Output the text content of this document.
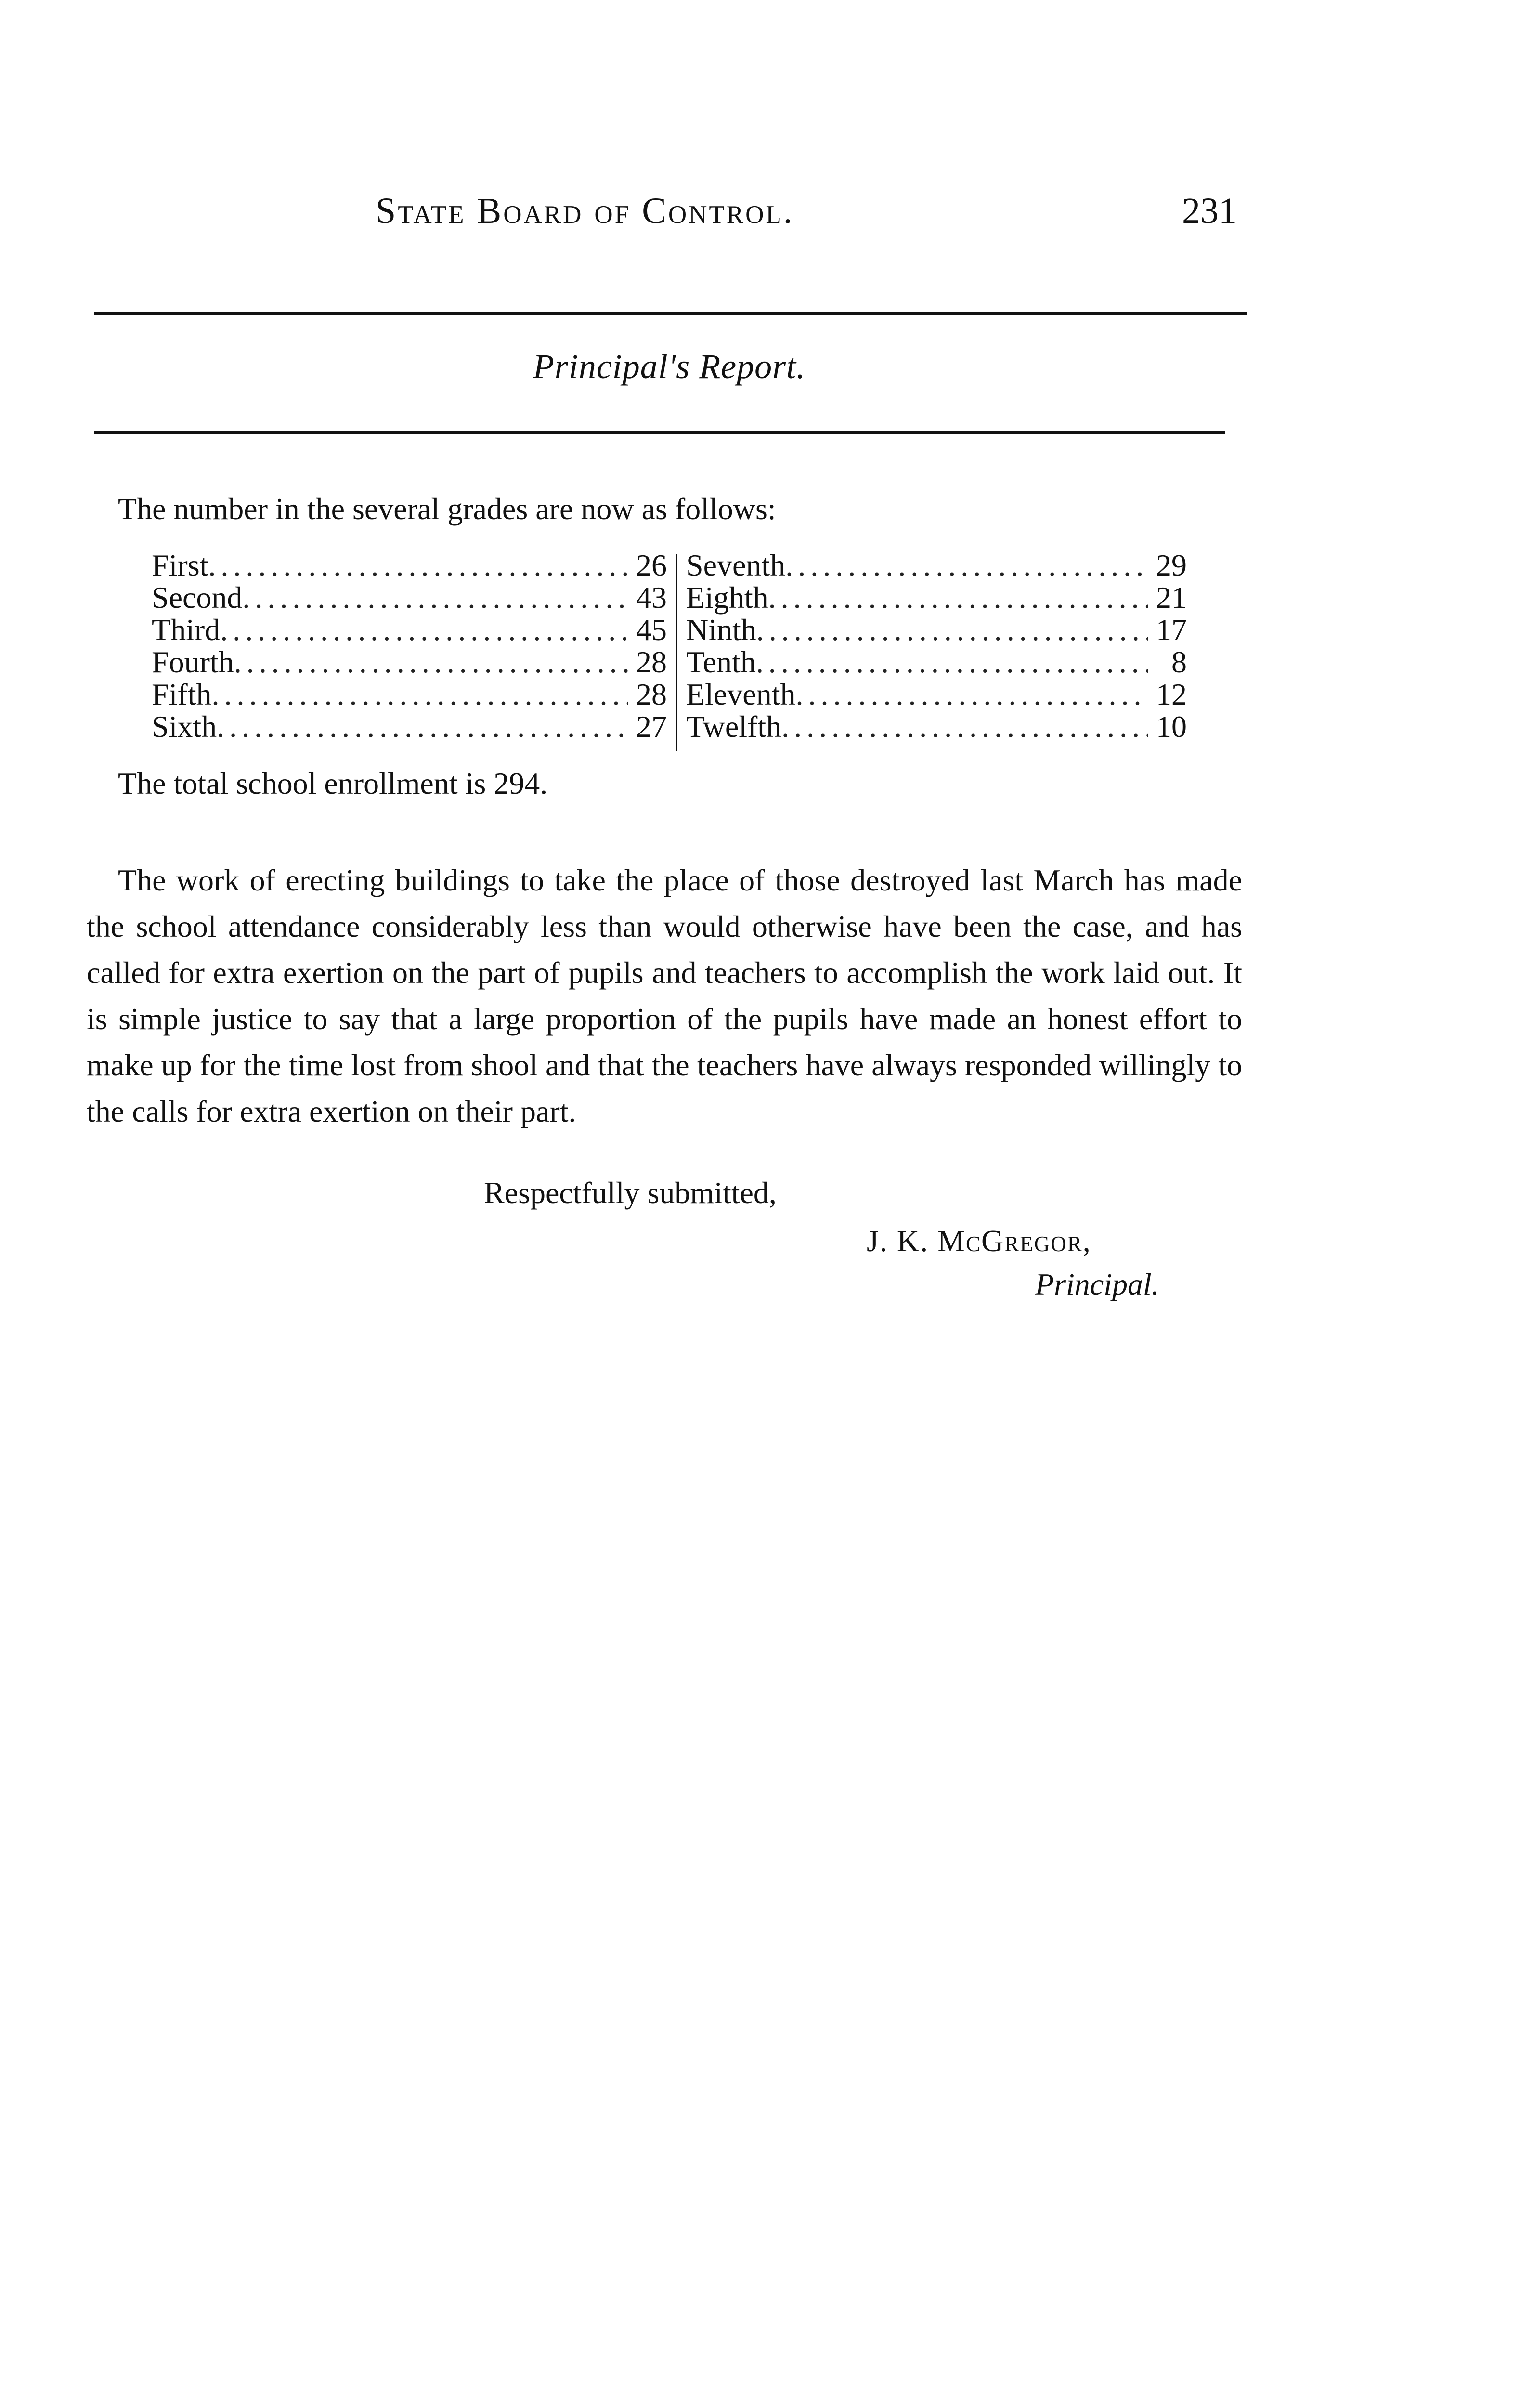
State Board of Control.	231
Principal's Report.
The number in the several grades are now as follows:
First .....	26
Second .....	43
Third .....	45
Fourth .....	28
Fifth .....	28
Sixth .....	27
Seventh .....	29
Eighth .....	21
Ninth .....	17
Tenth .....	8
Eleventh .....	12
Twelfth .....	10
The total school enrollment is 294.
The work of erecting buildings to take the place of those destroyed last March has made the school attendance considerably less than would otherwise have been the case, and has called for extra exertion on the part of pupils and teachers to accomplish the work laid out. It is simple justice to say that a large proportion of the pupils have made an honest effort to make up for the time lost from shool and that the teachers have always responded willingly to the calls for extra exertion on their part.
Respectfully submitted,
J. K. McGregor,
Principal.
